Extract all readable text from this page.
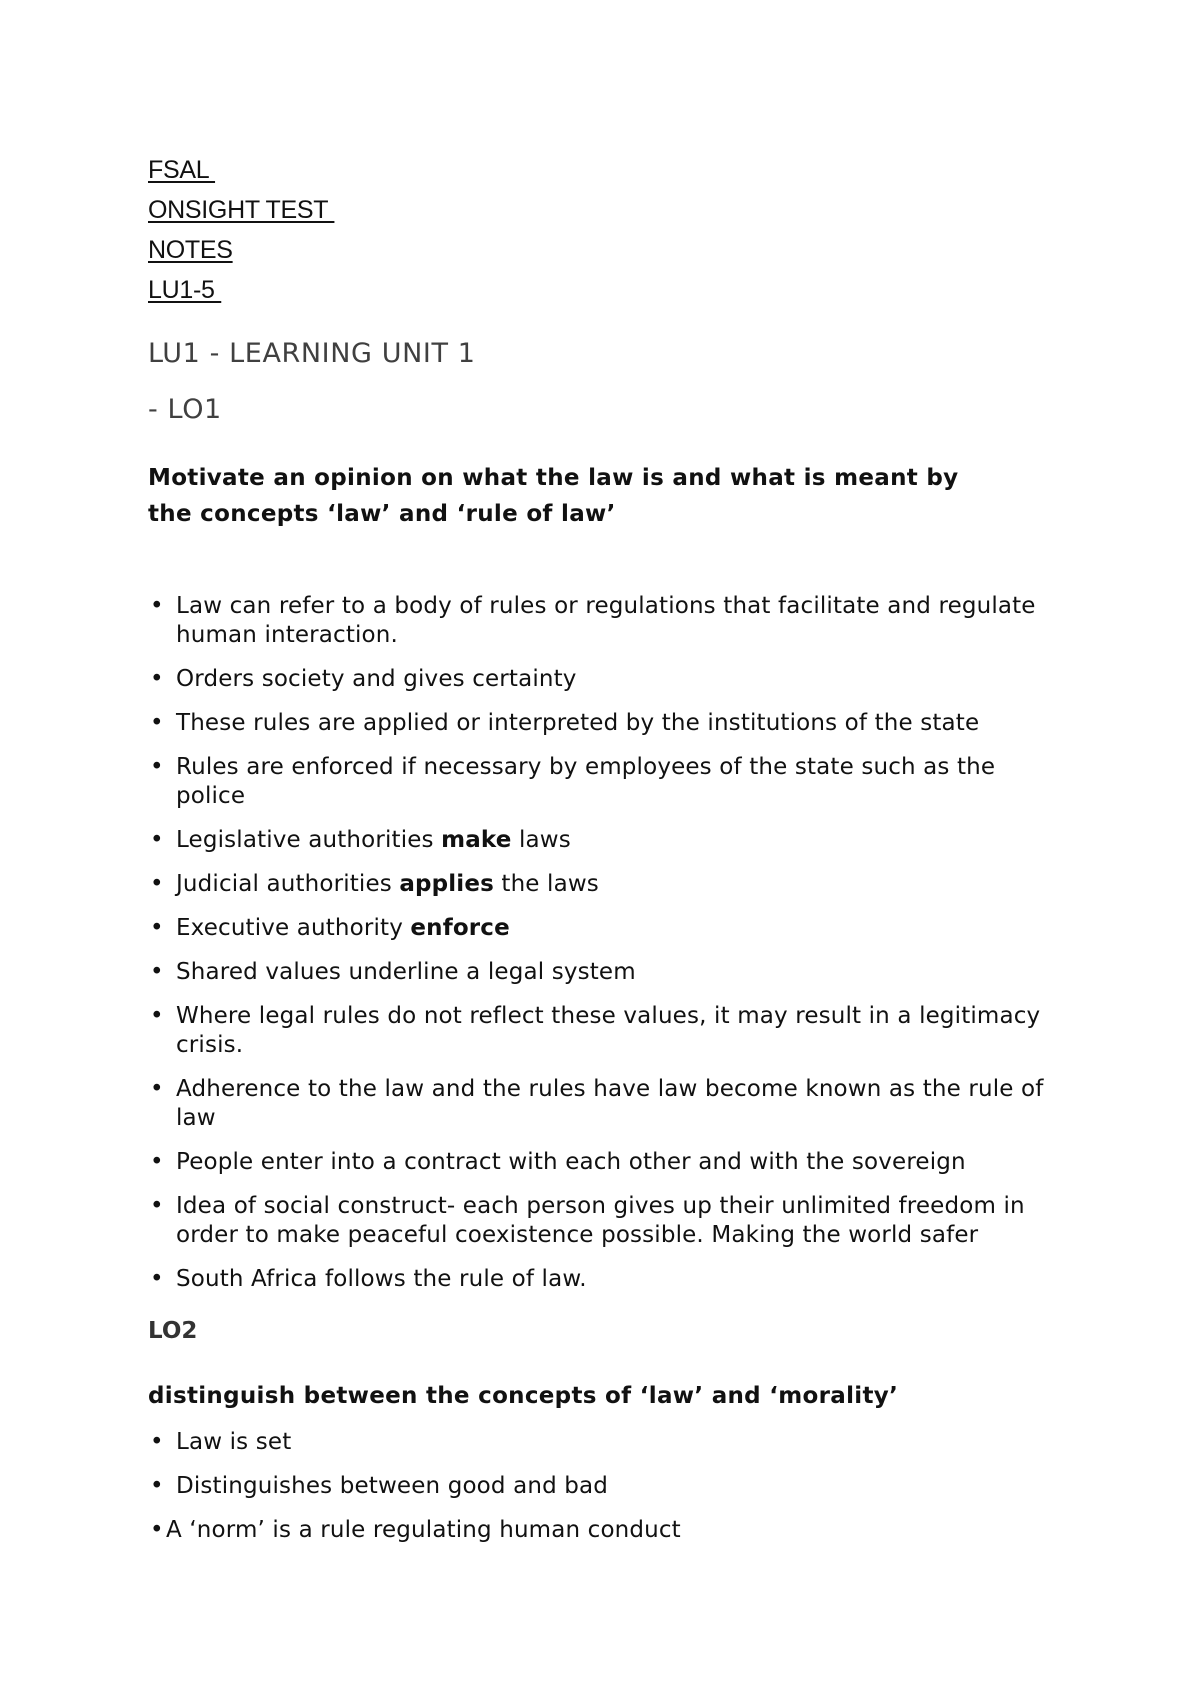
FSAL
ONSIGHT TEST
NOTES
LU1-5
LU1 - LEARNING UNIT 1
- LO1
Motivate an opinion on what the law is and what is meant by
the concepts ‘law’ and ‘rule of law’
• Law can refer to a body of rules or regulations that facilitate and regulate human interaction.
• Orders society and gives certainty
• These rules are applied or interpreted by the institutions of the state
• Rules are enforced if necessary by employees of the state such as the police
• Legislative authorities make laws
• Judicial authorities applies the laws
• Executive authority enforce
• Shared values underline a legal system
• Where legal rules do not reflect these values, it may result in a legitimacy crisis.
• Adherence to the law and the rules have law become known as the rule of law
• People enter into a contract with each other and with the sovereign
• Idea of social construct- each person gives up their unlimited freedom in order to make peaceful coexistence possible. Making the world safer
• South Africa follows the rule of law.
LO2
distinguish between the concepts of ‘law’ and ‘morality’
• Law is set
• Distinguishes between good and bad
• A ‘norm’ is a rule regulating human conduct
